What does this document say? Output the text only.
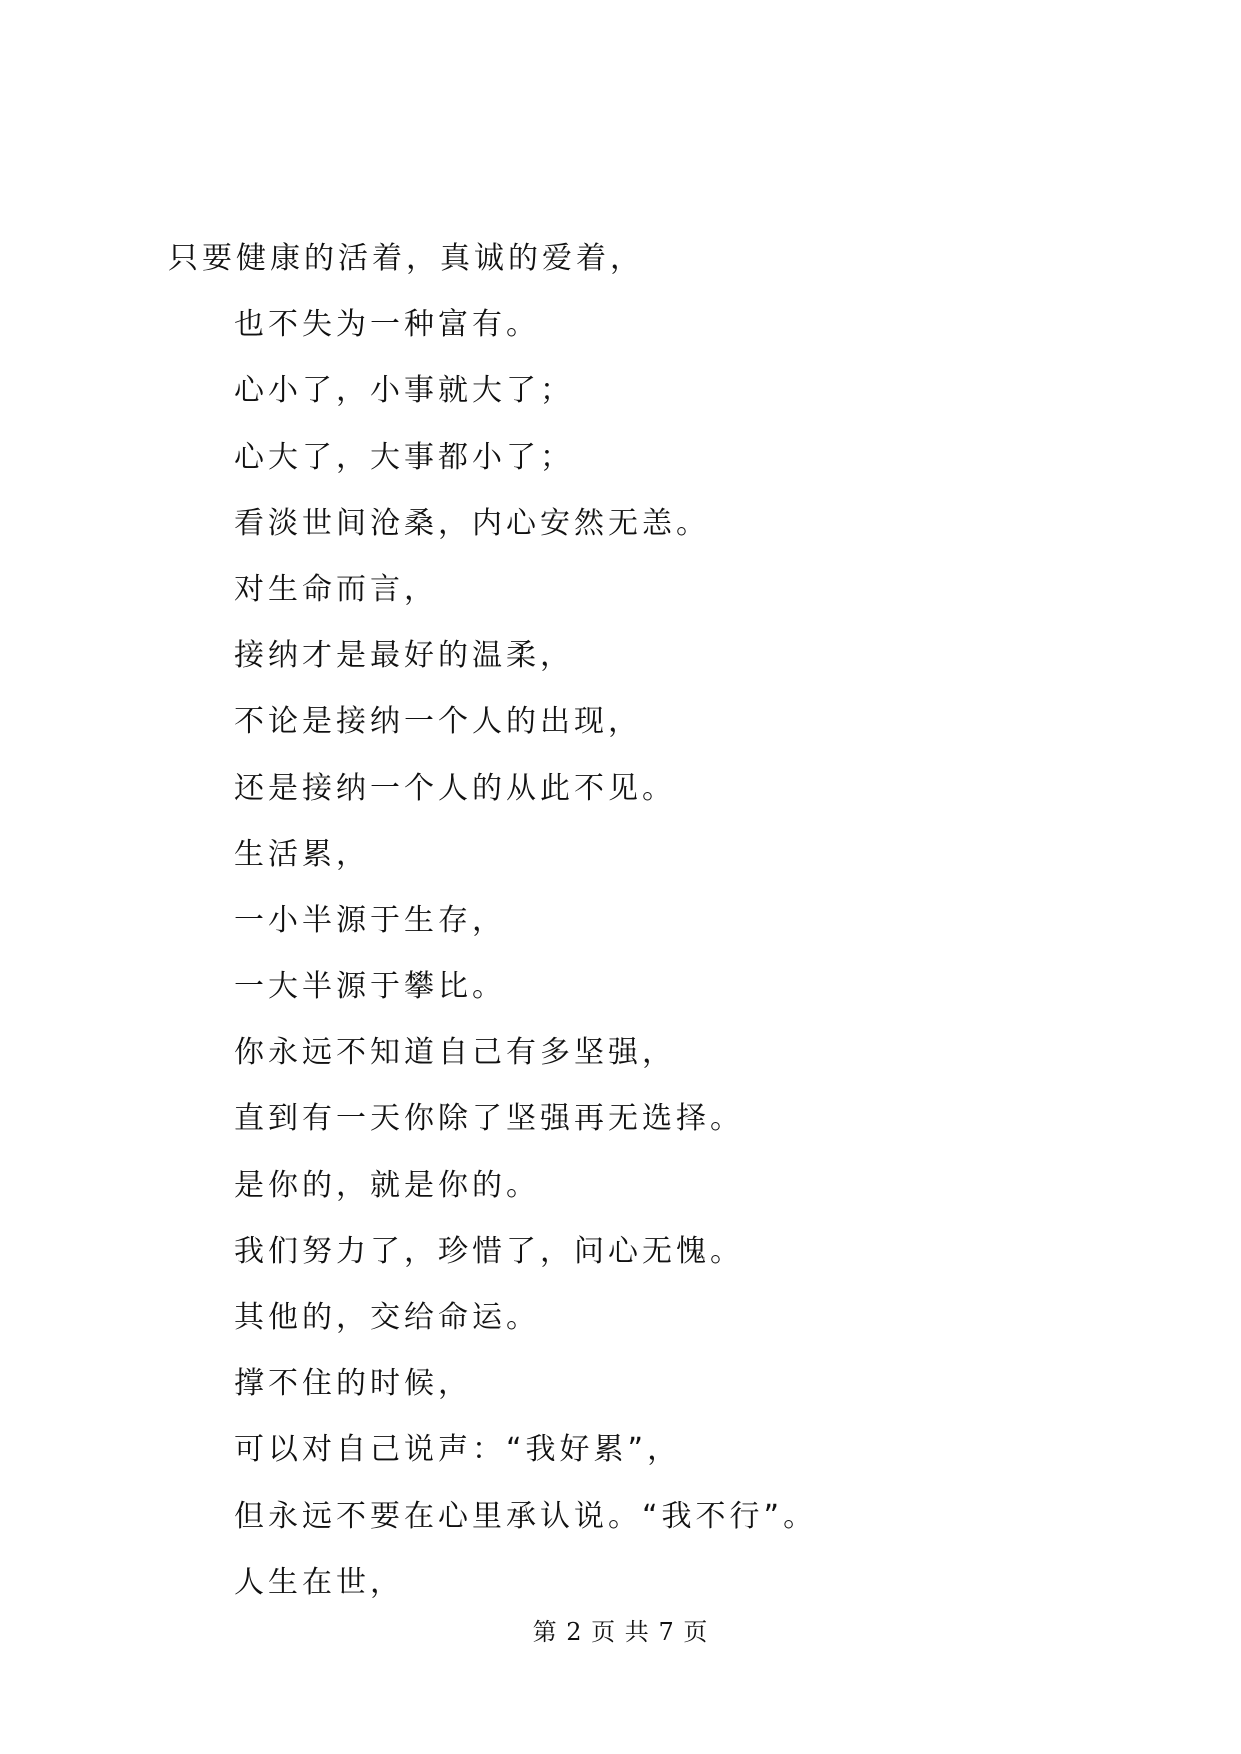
只要健康的活着，真诚的爱着，
也不失为一种富有。
心小了，小事就大了；
心大了，大事都小了；
看淡世间沧桑，内心安然无恙。
对生命而言，
接纳才是最好的温柔，
不论是接纳一个人的出现，
还是接纳一个人的从此不见。
生活累，
一小半源于生存，
一大半源于攀比。
你永远不知道自己有多坚强，
直到有一天你除了坚强再无选择。
是你的，就是你的。
我们努力了，珍惜了，问心无愧。
其他的，交给命运。
撑不住的时候，
可以对自己说声：“我好累”，
但永远不要在心里承认说。“我不行”。
人生在世，
第 2 页 共 7 页
